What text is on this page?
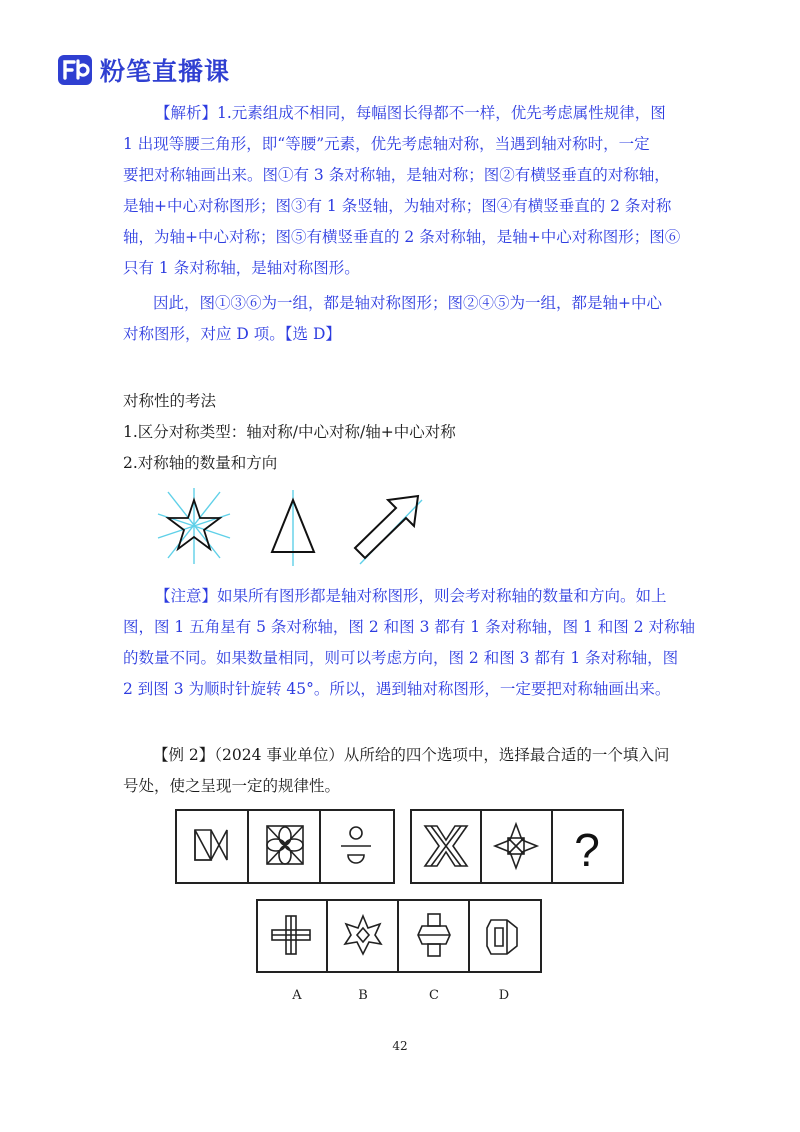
粉笔直播课
【解析】1.元素组成不相同，每幅图长得都不一样，优先考虑属性规律，图
1 出现等腰三角形，即“等腰”元素，优先考虑轴对称，当遇到轴对称时，一定
要把对称轴画出来。图①有 3 条对称轴，是轴对称；图②有横竖垂直的对称轴，
是轴+中心对称图形；图③有 1 条竖轴，为轴对称；图④有横竖垂直的 2 条对称
轴，为轴+中心对称；图⑤有横竖垂直的 2 条对称轴，是轴+中心对称图形；图⑥
只有 1 条对称轴，是轴对称图形。
因此，图①③⑥为一组，都是轴对称图形；图②④⑤为一组，都是轴+中心
对称图形，对应 D 项。【选 D】
对称性的考法
1.区分对称类型：轴对称/中心对称/轴+中心对称
2.对称轴的数量和方向
【注意】如果所有图形都是轴对称图形，则会考对称轴的数量和方向。如上
图，图 1 五角星有 5 条对称轴，图 2 和图 3 都有 1 条对称轴，图 1 和图 2 对称轴
的数量不同。如果数量相同，则可以考虑方向，图 2 和图 3 都有 1 条对称轴，图
2 到图 3 为顺时针旋转 45°。所以，遇到轴对称图形，一定要把对称轴画出来。
【例 2】（2024 事业单位）从所给的四个选项中，选择最合适的一个填入问
号处，使之呈现一定的规律性。
?
A	B	C	D
42
